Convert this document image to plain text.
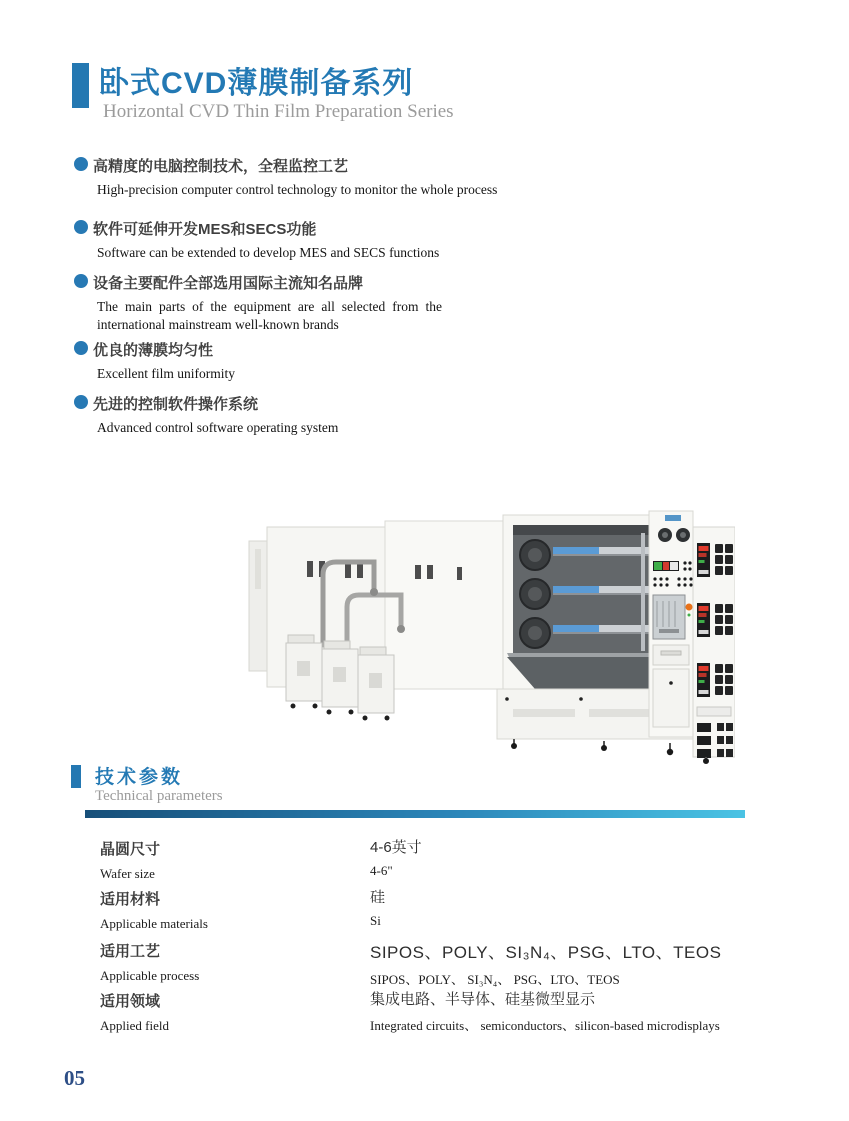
卧式CVD薄膜制备系列
Horizontal CVD Thin Film Preparation Series
高精度的电脑控制技术，全程监控工艺
High-precision computer control technology to monitor the whole process
软件可延伸开发MES和SECS功能
Software can be extended to develop MES and SECS functions
设备主要配件全部选用国际主流知名品牌
The main parts of the equipment are all selected from the international mainstream well-known brands
优良的薄膜均匀性
Excellent film uniformity
先进的控制软件操作系统
Advanced control software operating system
技术参数
Technical parameters
晶圆尺寸
Wafer size
4-6英寸
4-6"
适用材料
Applicable materials
硅
Si
适用工艺
Applicable process
SIPOS、POLY、SI₃N₄、PSG、LTO、TEOS
SIPOS、POLY、 SI₃N₄、 PSG、LTO、TEOS
适用领域
Applied field
集成电路、半导体、硅基微型显示
Integrated circuits、 semiconductors、silicon-based microdisplays
05
